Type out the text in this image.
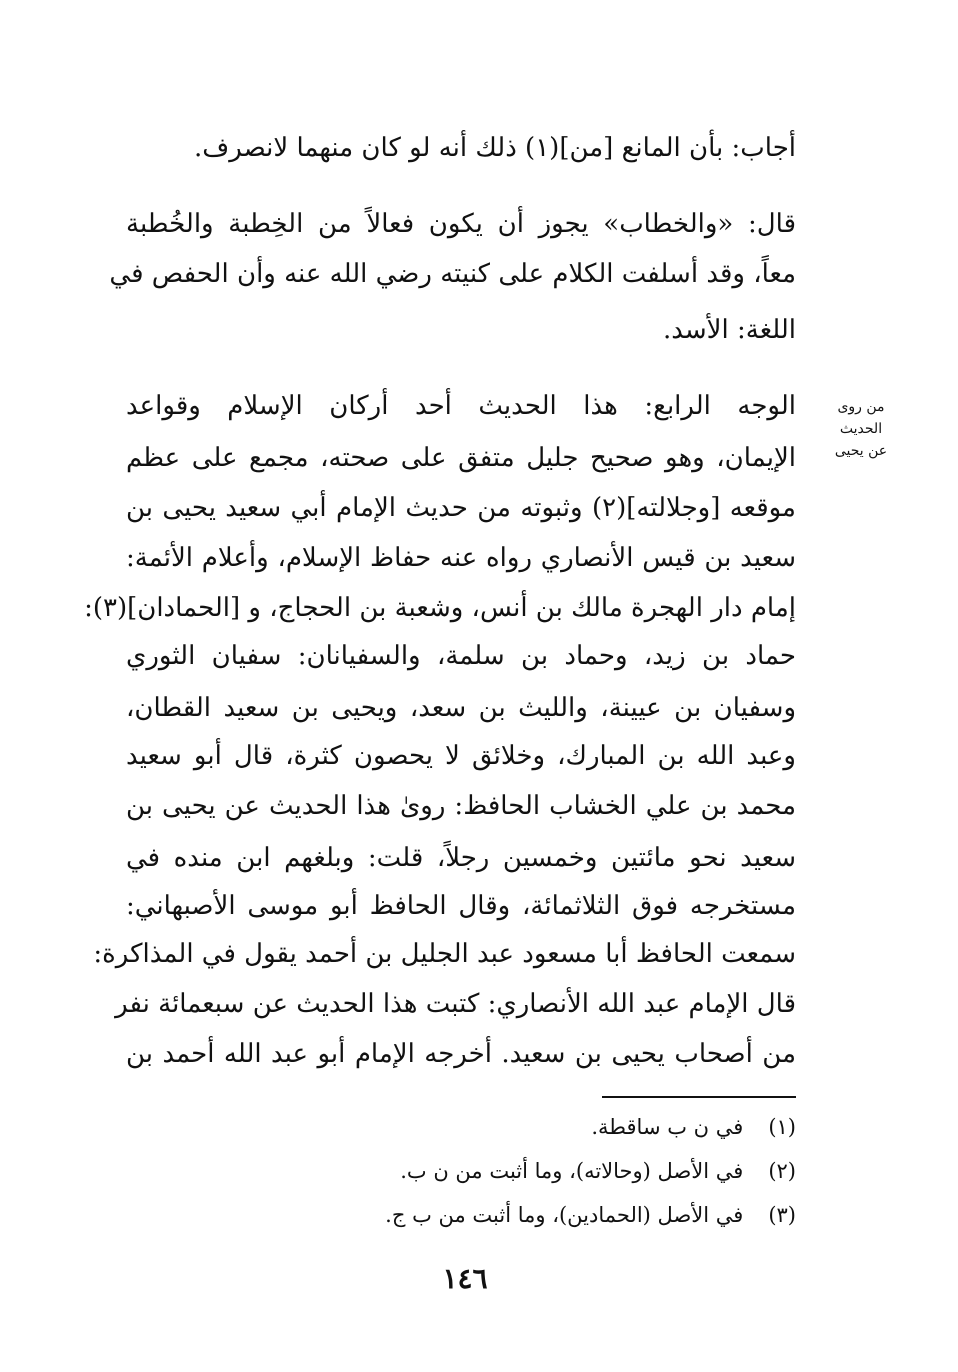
أجاب: بأن المانع [من](١) ذلك أنه لو كان منهما لانصرف.
قال: «والخطاب» يجوز أن يكون فعالاً من الخِطبة والخُطبة
معاً، وقد أسلفت الكلام على كنيته رضي الله عنه وأن الحفص في
اللغة: الأسد.
الوجه الرابع: هذا الحديث أحد أركان الإسلام وقواعد
الإيمان، وهو صحيح جليل متفق على صحته، مجمع على عظم
موقعه [وجلالته](٢) وثبوته من حديث الإمام أبي سعيد يحيى بن
سعيد بن قيس الأنصاري رواه عنه حفاظ الإسلام، وأعلام الأئمة:
إمام دار الهجرة مالك بن أنس، وشعبة بن الحجاج، و [الحمادان](٣):
حماد بن زيد، وحماد بن سلمة، والسفيانان: سفيان الثوري
وسفيان بن عيينة، والليث بن سعد، ويحيى بن سعيد القطان،
وعبد الله بن المبارك، وخلائق لا يحصون كثرة، قال أبو سعيد
محمد بن علي الخشاب الحافظ: روىٰ هذا الحديث عن يحيى بن
سعيد نحو مائتين وخمسين رجلاً، قلت: وبلغهم ابن منده في
مستخرجه فوق الثلاثمائة، وقال الحافظ أبو موسى الأصبهاني:
سمعت الحافظ أبا مسعود عبد الجليل بن أحمد يقول في المذاكرة:
قال الإمام عبد الله الأنصاري: كتبت هذا الحديث عن سبعمائة نفر
من أصحاب يحيى بن سعيد. أخرجه الإمام أبو عبد الله أحمد بن
من روى
الحديث
عن يحيى
(١) في ن ب ساقطة.
(٢) في الأصل (وحالاته)، وما أثبت من ن ب.
(٣) في الأصل (الحمادين)، وما أثبت من ب ج.
١٤٦
